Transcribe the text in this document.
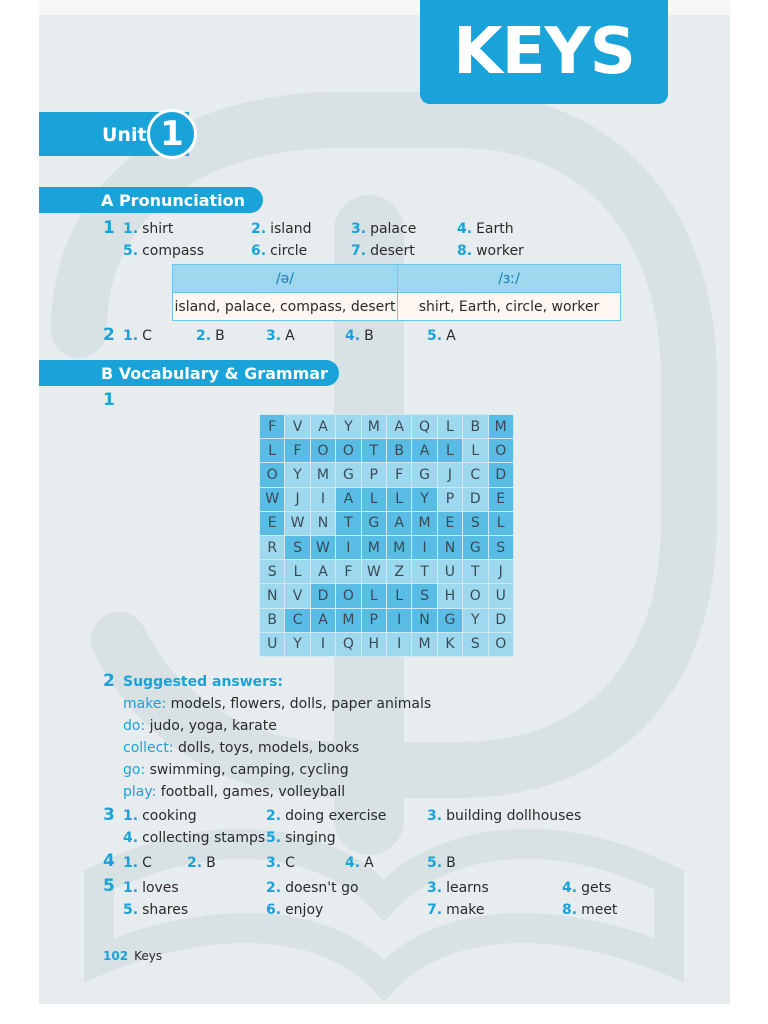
KEYS
Unit 1
A Pronunciation
1 1. shirt	2. island	3. palace	4. Earth
5. compass	6. circle	7. desert	8. worker
/ə/	/ɜː/
island, palace, compass, desert	shirt, Earth, circle, worker
2 1. C	2. B	3. A	4. B	5. A
B Vocabulary & Grammar
1
F	V	A	Y	M	A	Q	L	B	M
L	F	O	O	T	B	A	L	L	O
O	Y	M	G	P	F	G	J	C	D
W	J	I	A	L	L	Y	P	D	E
E	W	N	T	G	A	M	E	S	L
R	S	W	I	M	M	I	N	G	S
S	L	A	F	W	Z	T	U	T	J
N	V	D	O	L	L	S	H	O	U
B	C	A	M	P	I	N	G	Y	D
U	Y	I	Q	H	I	M	K	S	O
2 Suggested answers:
make: models, flowers, dolls, paper animals
do: judo, yoga, karate
collect: dolls, toys, models, books
go: swimming, camping, cycling
play: football, games, volleyball
3 1. cooking	2. doing exercise	3. building dollhouses
4. collecting stamps 5. singing
4 1. C	2. B	3. C	4. A	5. B
5 1. loves	2. doesn't go	3. learns	4. gets
5. shares	6. enjoy	7. make	8. meet
102 Keys
